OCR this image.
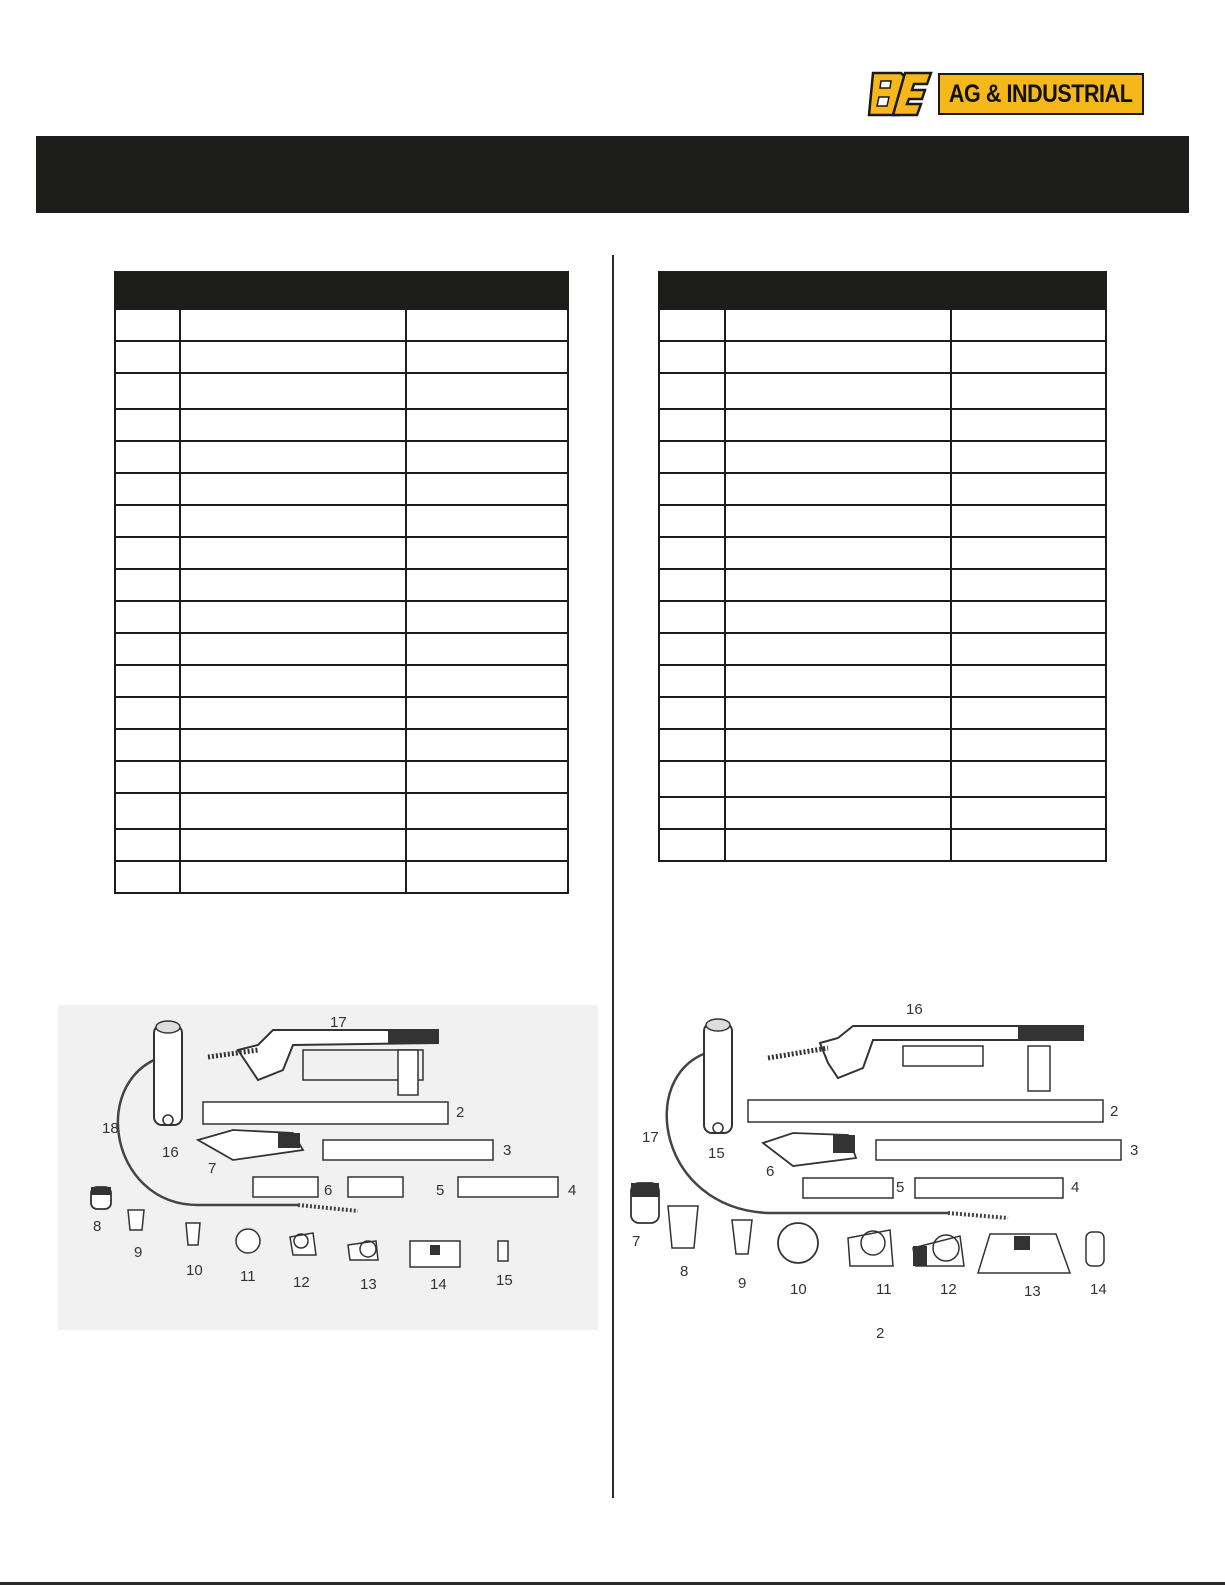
AG & INDUSTRIAL

17
2
18
16
7
3
6	5	4
8
9
10 11 12	13	14	15
2
16
2
17
15
6
3
5	4
7
8
9	10	11	12	13	14
